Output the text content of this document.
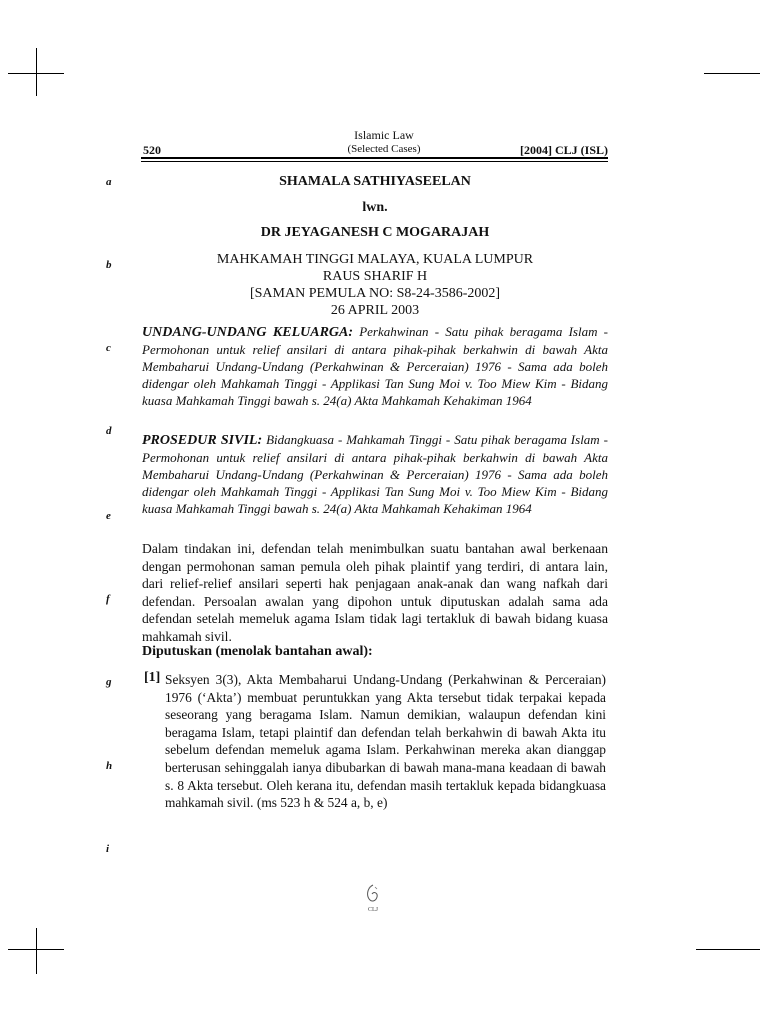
Islamic Law
(Selected Cases)
520	[2004] CLJ (ISL)
a
b
c
d
e
f
g
h
i
SHAMALA SATHIYASEELAN
lwn.
DR JEYAGANESH C MOGARAJAH
MAHKAMAH TINGGI MALAYA, KUALA LUMPUR
RAUS SHARIF H
[SAMAN PEMULA NO: S8-24-3586-2002]
26 APRIL 2003
UNDANG-UNDANG KELUARGA: Perkahwinan - Satu pihak beragama Islam - Permohonan untuk relief ansilari di antara pihak-pihak berkahwin di bawah Akta Membaharui Undang-Undang (Perkahwinan & Perceraian) 1976 - Sama ada boleh didengar oleh Mahkamah Tinggi - Applikasi Tan Sung Moi v. Too Miew Kim - Bidang kuasa Mahkamah Tinggi bawah s. 24(a) Akta Mahkamah Kehakiman 1964
PROSEDUR SIVIL: Bidangkuasa - Mahkamah Tinggi - Satu pihak beragama Islam - Permohonan untuk relief ansilari di antara pihak-pihak berkahwin di bawah Akta Membaharui Undang-Undang (Perkahwinan & Perceraian) 1976 - Sama ada boleh didengar oleh Mahkamah Tinggi - Applikasi Tan Sung Moi v. Too Miew Kim - Bidang kuasa Mahkamah Tinggi bawah s. 24(a) Akta Mahkamah Kehakiman 1964
Dalam tindakan ini, defendan telah menimbulkan suatu bantahan awal berkenaan dengan permohonan saman pemula oleh pihak plaintif yang terdiri, di antara lain, dari relief-relief ansilari seperti hak penjagaan anak-anak dan wang nafkah dari defendan. Persoalan awalan yang dipohon untuk diputuskan adalah sama ada defendan setelah memeluk agama Islam tidak lagi tertakluk di bawah bidang kuasa mahkamah sivil.
Diputuskan (menolak bantahan awal):
[1] Seksyen 3(3), Akta Membaharui Undang-Undang (Perkahwinan & Perceraian) 1976 (‘Akta’) membuat peruntukkan yang Akta tersebut tidak terpakai kepada seseorang yang beragama Islam. Namun demikian, walaupun defendan kini beragama Islam, tetapi plaintif dan defendan telah berkahwin di bawah Akta itu sebelum defendan memeluk agama Islam. Perkahwinan mereka akan dianggap berterusan sehinggalah ianya dibubarkan di bawah mana-mana keadaan di bawah s. 8 Akta tersebut. Oleh kerana itu, defendan masih tertakluk kepada bidangkuasa mahkamah sivil. (ms 523 h & 524 a, b, e)
CLJ
